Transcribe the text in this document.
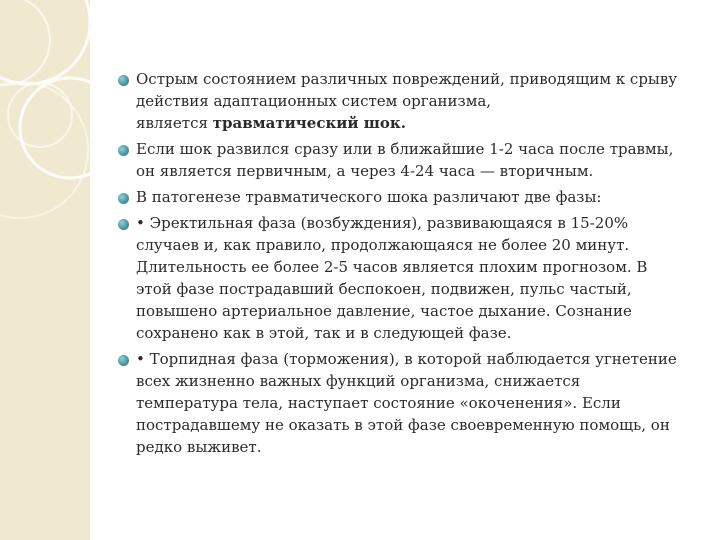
Острым состоянием различных повреждений, приводящим к срыву
действия адаптационных систем организма,
является травматический шок.
Если шок развился сразу или в ближайшие 1-2 часа после травмы,
он является первичным, а через 4-24 часа — вторичным.
В патогенезе травматического шока различают две фазы:
• Эректильная фаза (возбуждения), развивающаяся в 15-20%
случаев и, как правило, продолжающаяся не более 20 минут.
Длительность ее более 2-5 часов является плохим прогнозом. В
этой фазе пострадавший беспокоен, подвижен, пульс частый,
повышено артериальное давление, частое дыхание. Сознание
сохранено как в этой, так и в следующей фазе.
• Торпидная фаза (торможения), в которой наблюдается угнетение
всех жизненно важных функций организма, снижается
температура тела, наступает состояние «окоченения». Если
пострадавшему не оказать в этой фазе своевременную помощь, он
редко выживет.
